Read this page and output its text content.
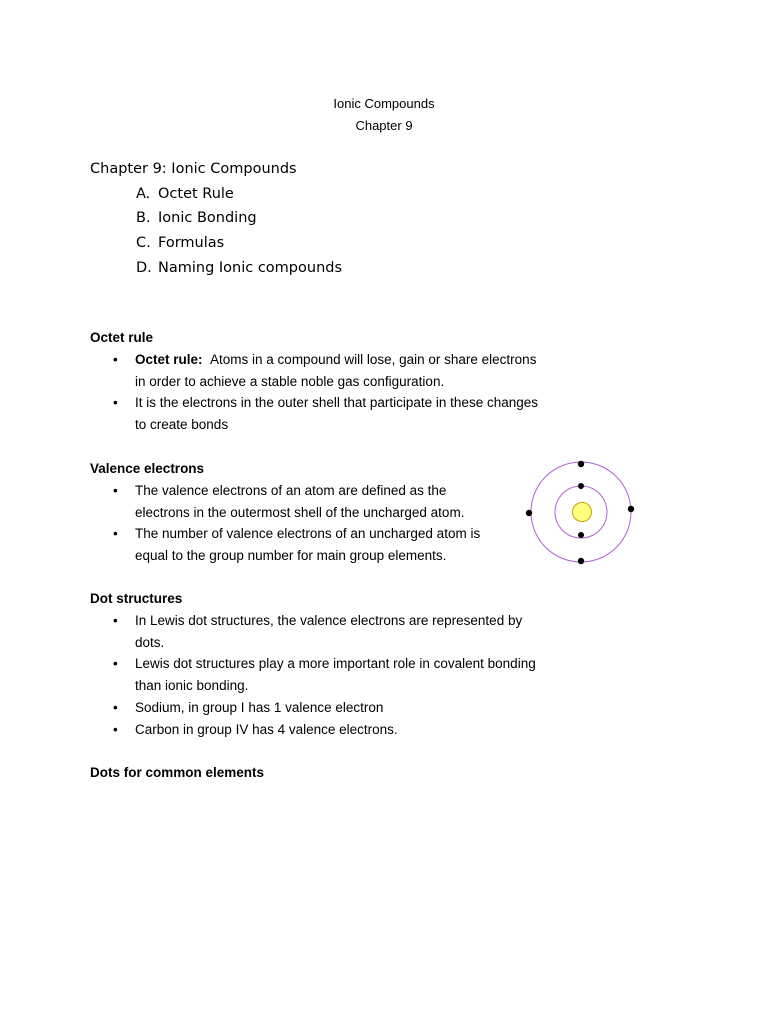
Ionic Compounds
Chapter 9
Chapter 9: Ionic Compounds
A. Octet Rule
B. Ionic Bonding
C. Formulas
D. Naming Ionic compounds
Octet rule
• Octet rule: Atoms in a compound will lose, gain or share electrons in order to achieve a stable noble gas configuration.
• It is the electrons in the outer shell that participate in these changes to create bonds
Valence electrons
• The valence electrons of an atom are defined as the electrons in the outermost shell of the uncharged atom.
• The number of valence electrons of an uncharged atom is equal to the group number for main group elements.
Dot structures
• In Lewis dot structures, the valence electrons are represented by dots.
• Lewis dot structures play a more important role in covalent bonding than ionic bonding.
• Sodium, in group I has 1 valence electron
• Carbon in group IV has 4 valence electrons.
Dots for common elements
